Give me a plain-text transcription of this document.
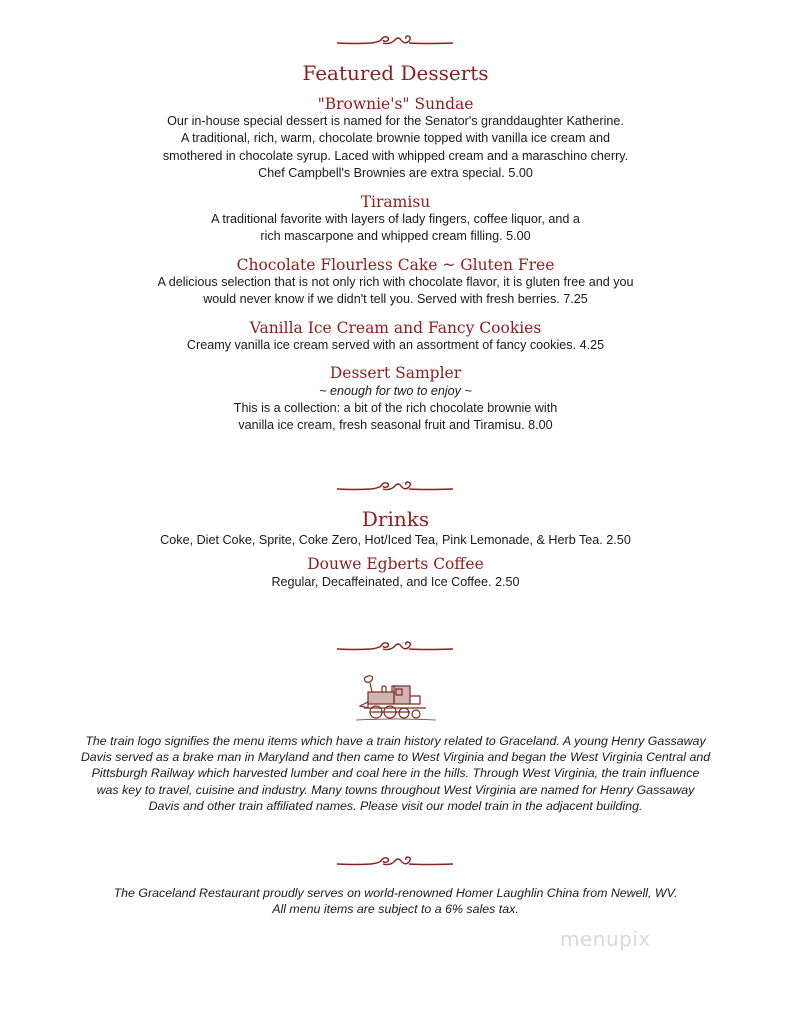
Featured Desserts
"Brownie's" Sundae
Our in-house special dessert is named for the Senator's granddaughter Katherine.
A traditional, rich, warm, chocolate brownie topped with vanilla ice cream and
smothered in chocolate syrup. Laced with whipped cream and a maraschino cherry.
Chef Campbell's Brownies are extra special. 5.00
Tiramisu
A traditional favorite with layers of lady fingers, coffee liquor, and a
rich mascarpone and whipped cream filling. 5.00
Chocolate Flourless Cake ~ Gluten Free
A delicious selection that is not only rich with chocolate flavor, it is gluten free and you
would never know if we didn't tell you. Served with fresh berries. 7.25
Vanilla Ice Cream and Fancy Cookies
Creamy vanilla ice cream served with an assortment of fancy cookies. 4.25
Dessert Sampler
~ enough for two to enjoy ~
This is a collection: a bit of the rich chocolate brownie with
vanilla ice cream, fresh seasonal fruit and Tiramisu. 8.00
Drinks
Coke, Diet Coke, Sprite, Coke Zero, Hot/Iced Tea, Pink Lemonade, & Herb Tea. 2.50
Douwe Egberts Coffee
Regular, Decaffeinated, and Ice Coffee. 2.50
The train logo signifies the menu items which have a train history related to Graceland. A young Henry Gassaway
Davis served as a brake man in Maryland and then came to West Virginia and began the West Virginia Central and
Pittsburgh Railway which harvested lumber and coal here in the hills. Through West Virginia, the train influence
was key to travel, cuisine and industry. Many towns throughout West Virginia are named for Henry Gassaway
Davis and other train affiliated names. Please visit our model train in the adjacent building.
The Graceland Restaurant proudly serves on world-renowned Homer Laughlin China from Newell, WV.
All menu items are subject to a 6% sales tax.
menupix
